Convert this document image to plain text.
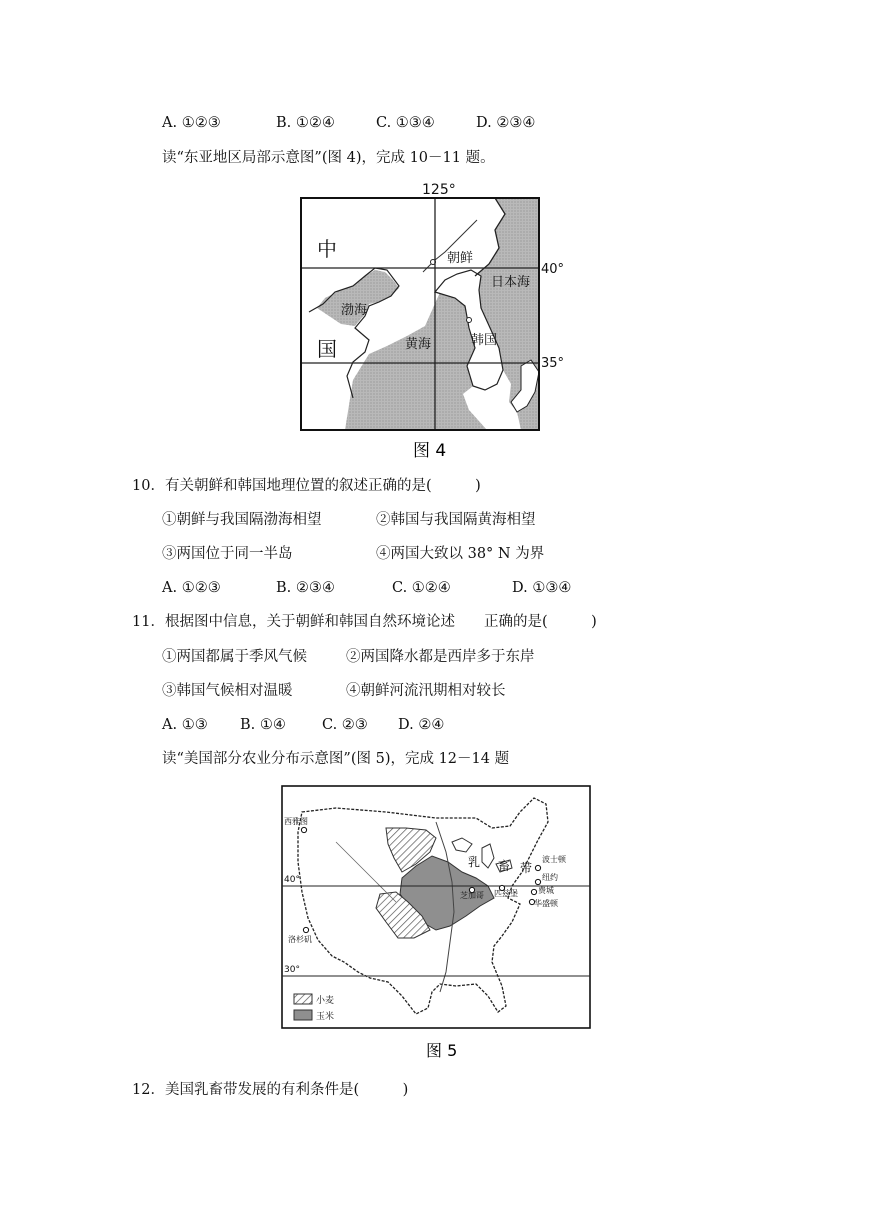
A. ①②③	B. ①②④	C. ①③④	D. ②③④
读“东亚地区局部示意图”(图 4)，完成 10－11 题。
125°
40°
35°
中
国
渤海
朝鲜
日本海
黄海	韩国
图 4
10．有关朝鲜和韩国地理位置的叙述正确的是(　　　)
①朝鲜与我国隔渤海相望	②韩国与我国隔黄海相望
③两国位于同一半岛	④两国大致以 38° N 为界
A. ①②③	B. ②③④	C. ①②④	D. ①③④
11．根据图中信息，关于朝鲜和韩国自然环境论述　　正确的是(　　　)
①两国都属于季风气候	②两国降水都是西岸多于东岸
③韩国气候相对温暖	④朝鲜河流汛期相对较长
A. ①③ B. ①④ C. ②③ D. ②④
读“美国部分农业分布示意图”(图 5)，完成 12－14 题
40°
30°
西雅图
洛杉矶
波士顿
纽约
费城
华盛顿
芝加哥 匹兹堡
乳 畜 带
小麦
玉米
图 5
12．美国乳畜带发展的有利条件是(　　　)
